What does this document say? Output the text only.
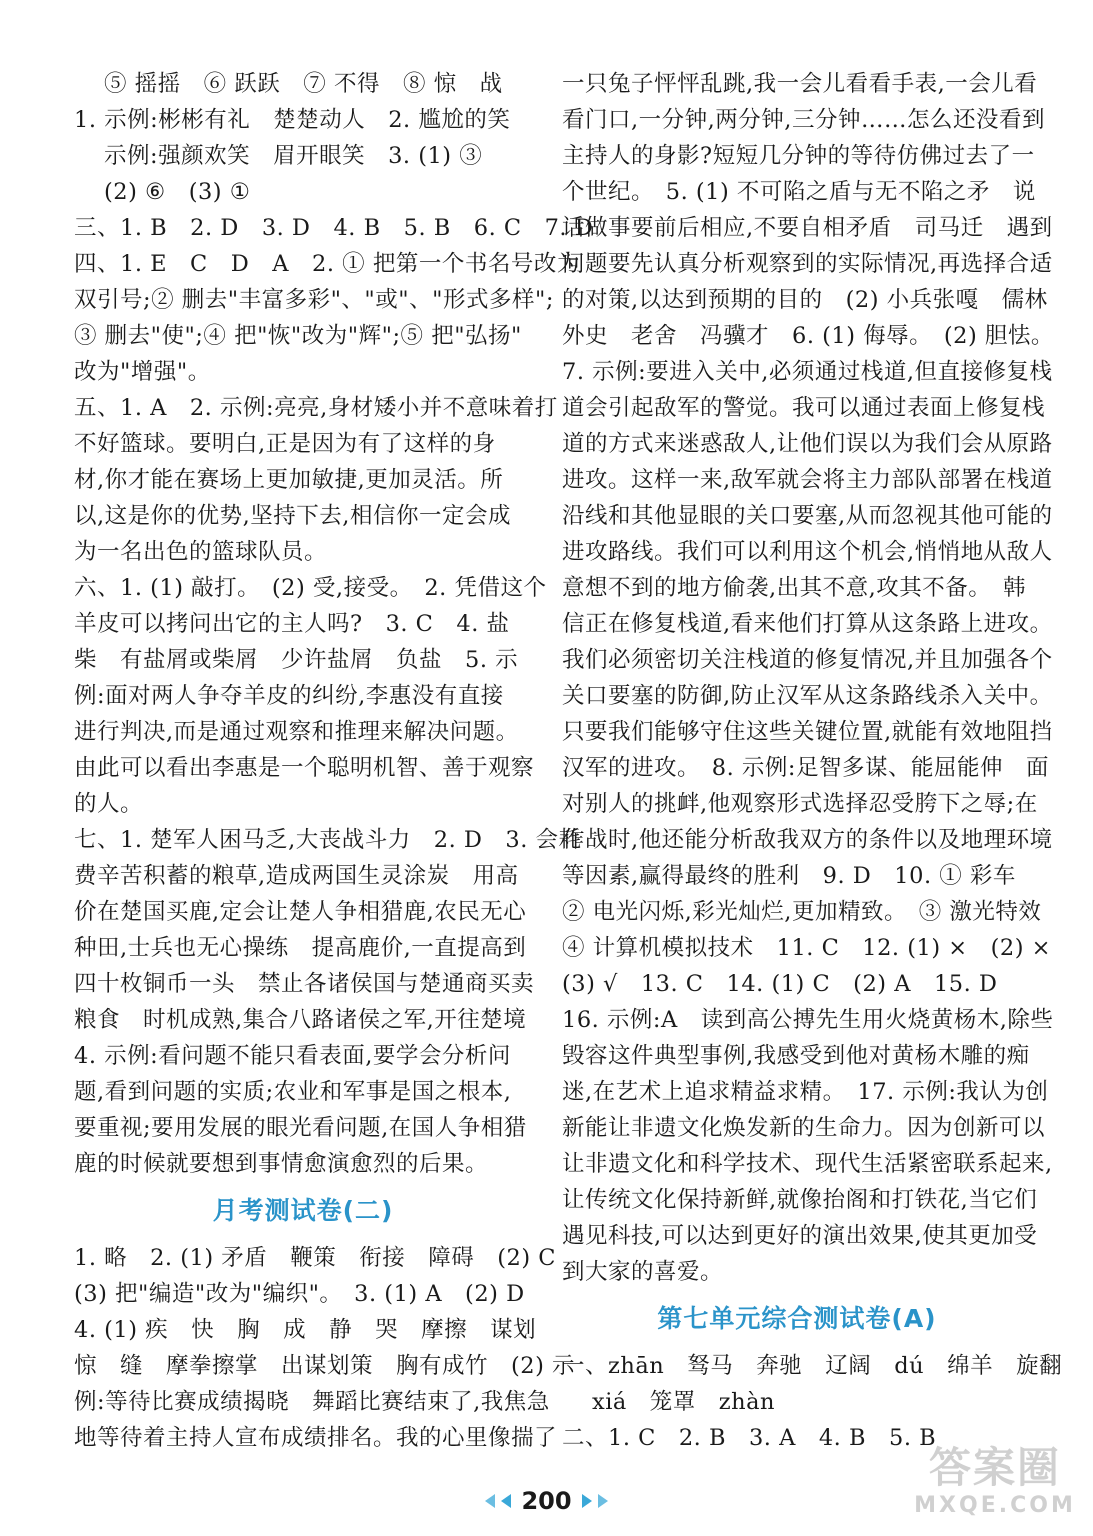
⑤ 摇摇　⑥ 跃跃　⑦ 不得　⑧ 惊　战
1. 示例:彬彬有礼　楚楚动人　2. 尴尬的笑
示例:强颜欢笑　眉开眼笑　3. (1) ③
(2) ⑥　(3) ①
三、1. B　2. D　3. D　4. B　5. B　6. C　7. D
四、1. E　C　D　A　2. ① 把第一个书名号改为
双引号;② 删去"丰富多彩"、"或"、"形式多样";
③ 删去"使";④ 把"恢"改为"辉";⑤ 把"弘扬"
改为"增强"。
五、1. A　2. 示例:亮亮,身材矮小并不意味着打
不好篮球。要明白,正是因为有了这样的身
材,你才能在赛场上更加敏捷,更加灵活。所
以,这是你的优势,坚持下去,相信你一定会成
为一名出色的篮球队员。
六、1. (1) 敲打。　(2) 受,接受。　2. 凭借这个
羊皮可以拷问出它的主人吗?　3. C　4. 盐
柴　有盐屑或柴屑　少许盐屑　负盐　5. 示
例:面对两人争夺羊皮的纠纷,李惠没有直接
进行判决,而是通过观察和推理来解决问题。
由此可以看出李惠是一个聪明机智、善于观察
的人。
七、1. 楚军人困马乏,大丧战斗力　2. D　3. 会耗
费辛苦积蓄的粮草,造成两国生灵涂炭　用高
价在楚国买鹿,定会让楚人争相猎鹿,农民无心
种田,士兵也无心操练　提高鹿价,一直提高到
四十枚铜币一头　禁止各诸侯国与楚通商买卖
粮食　时机成熟,集合八路诸侯之军,开往楚境
4. 示例:看问题不能只看表面,要学会分析问
题,看到问题的实质;农业和军事是国之根本,
要重视;要用发展的眼光看问题,在国人争相猎
鹿的时候就要想到事情愈演愈烈的后果。
月考测试卷(二)
1. 略　2. (1) 矛盾　鞭策　衔接　障碍　(2) C
(3) 把"编造"改为"编织"。　3. (1) A　(2) D
4. (1) 疾　快　胸　成　静　哭　摩擦　谋划
惊　缝　摩拳擦掌　出谋划策　胸有成竹　(2) 示
例:等待比赛成绩揭晓　舞蹈比赛结束了,我焦急
地等待着主持人宣布成绩排名。我的心里像揣了
一只兔子怦怦乱跳,我一会儿看看手表,一会儿看
看门口,一分钟,两分钟,三分钟……怎么还没看到
主持人的身影?短短几分钟的等待仿佛过去了一
个世纪。　5. (1) 不可陷之盾与无不陷之矛　说
话做事要前后相应,不要自相矛盾　司马迁　遇到
问题要先认真分析观察到的实际情况,再选择合适
的对策,以达到预期的目的　(2) 小兵张嘎　儒林
外史　老舍　冯骥才　6. (1) 侮辱。　(2) 胆怯。
7. 示例:要进入关中,必须通过栈道,但直接修复栈
道会引起敌军的警觉。我可以通过表面上修复栈
道的方式来迷惑敌人,让他们误以为我们会从原路
进攻。这样一来,敌军就会将主力部队部署在栈道
沿线和其他显眼的关口要塞,从而忽视其他可能的
进攻路线。我们可以利用这个机会,悄悄地从敌人
意想不到的地方偷袭,出其不意,攻其不备。　韩
信正在修复栈道,看来他们打算从这条路上进攻。
我们必须密切关注栈道的修复情况,并且加强各个
关口要塞的防御,防止汉军从这条路线杀入关中。
只要我们能够守住这些关键位置,就能有效地阻挡
汉军的进攻。　8. 示例:足智多谋、能屈能伸　面
对别人的挑衅,他观察形式选择忍受胯下之辱;在
作战时,他还能分析敌我双方的条件以及地理环境
等因素,赢得最终的胜利　9. D　10. ① 彩车
② 电光闪烁,彩光灿烂,更加精致。　③ 激光特效
④ 计算机模拟技术　11. C　12. (1) ×　(2) ×
(3) √　13. C　14. (1) C　(2) A　15. D
16. 示例:A　读到高公搏先生用火烧黄杨木,除些
毁容这件典型事例,我感受到他对黄杨木雕的痴
迷,在艺术上追求精益求精。　17. 示例:我认为创
新能让非遗文化焕发新的生命力。因为创新可以
让非遗文化和科学技术、现代生活紧密联系起来,
让传统文化保持新鲜,就像抬阁和打铁花,当它们
遇见科技,可以达到更好的演出效果,使其更加受
到大家的喜爱。
第七单元综合测试卷(A)
一、zhān　驽马　奔驰　辽阔　dú　绵羊　旋翻
xiá　笼罩　zhàn
二、1. C　2. B　3. A　4. B　5. B
200
答案圈
MXQE.COM
